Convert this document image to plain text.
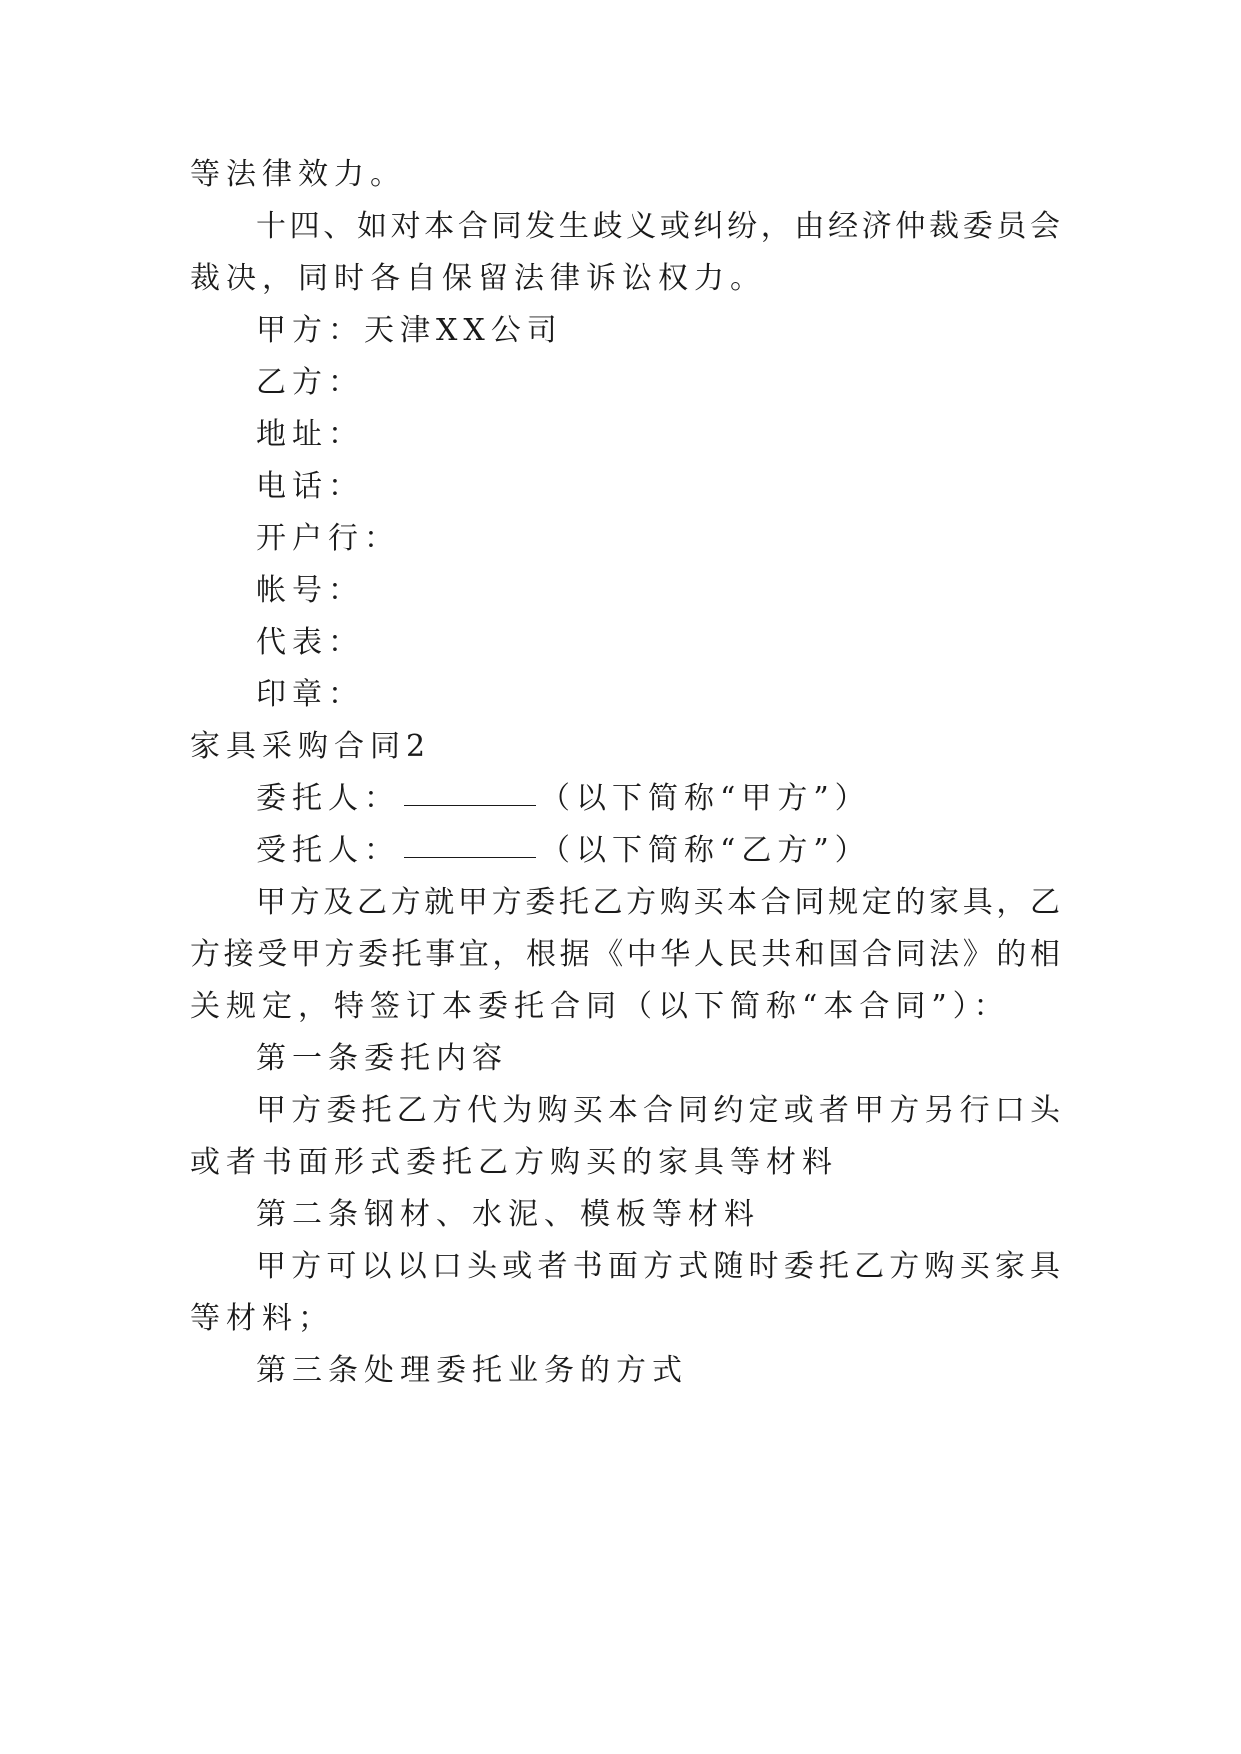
等法律效力。
十四、如对本合同发生歧义或纠纷，由经济仲裁委员会
裁决，同时各自保留法律诉讼权力。
甲方：天津XX公司
乙方：
地址：
电话：
开户行：
帐号：
代表：
印章：
家具采购合同2
委托人：	（以下简称“甲方”）
受托人：	（以下简称“乙方”）
甲方及乙方就甲方委托乙方购买本合同规定的家具，乙
方接受甲方委托事宜，根据《中华人民共和国合同法》的相
关规定，特签订本委托合同（以下简称“本合同”）：
第一条委托内容
甲方委托乙方代为购买本合同约定或者甲方另行口头
或者书面形式委托乙方购买的家具等材料
第二条钢材、水泥、模板等材料
甲方可以以口头或者书面方式随时委托乙方购买家具
等材料；
第三条处理委托业务的方式
